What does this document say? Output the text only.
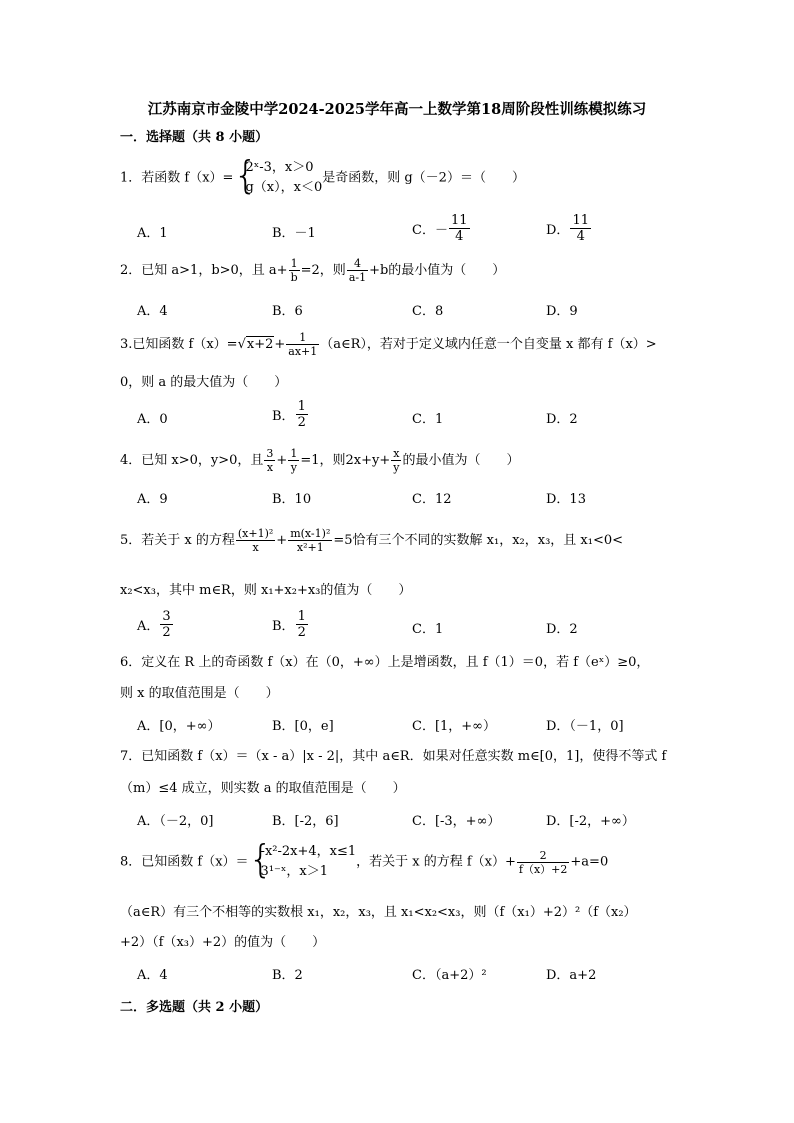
江苏南京市金陵中学2024-2025学年高一上数学第18周阶段性训练模拟练习
一．选择题（共 8 小题）
1．若函数 f（x）= {
2ˣ-3，x＞0
g（x），x＜0
是奇函数，则 g（－2）＝（　　）
A．1	B．－1	C．－ $\frac{11}{4}$	D． $\frac{11}{4}$
2．已知 a>1，b>0，且 $a+ \frac{1}{b} =2$，则 $\frac{4}{a-1} +b$的最小值为（　　）
A．4	B．6	C．8	D．9
3.已知函数 $f(x)=√x+2+ \frac{1}{ax+1}$ （a∈R），若对于定义域内任意一个自变量 x 都有 f（x）>
0，则 a 的最大值为（　　）
A．0	B． $\frac{1}{2}$	C．1	D．2
4．已知 x>0，y>0，且 $\frac{3}{x} + \frac{1}{y} =1$，则$2x+y+ \frac{x}{y}$ 的最小值为（　　）
A．9	B．10	C．12	D．13
5．若关于 x 的方程 $\frac{\text{(x+1)²}}{x} + \frac{\text{m(x-1)²}}{\text{x²+1}} =5$恰有三个不同的实数解 x₁，x₂，x₃，且 x₁<0<
x₂<x₃，其中 m∈R，则 x₁+x₂+x₃的值为（　　）
A． $\frac{3}{2}$	B． $\frac{1}{2}$	C．1	D．2
6．定义在 R 上的奇函数 f（x）在（0，+∞）上是增函数，且 f（1）＝0，若 f（eˣ）≥0，
则 x 的取值范围是（　　）
A．[0，+∞）	B．[0，e]	C．[1，+∞）	D．（－1，0]
7．已知函数 f（x）＝（x - a）|x - 2|，其中 a∈R．如果对任意实数 m∈[0，1]，使得不等式 f
（m）≤4 成立，则实数 a 的取值范围是（　　）
A．（－2，0]	B．[-2，6]	C．[-3，+∞）	D．[-2，+∞）
8．已知函数 f（x）＝ {
-x²-2x+4，x≤1
3¹⁻ˣ，x＞1
，若关于 x 的方程 $f(x)+ \frac{2}{f(x)+2} +a=0$
（a∈R）有三个不相等的实数根 x₁，x₂，x₃，且 x₁<x₂<x₃，则（f（x₁）+2）²（f（x₂）
+2）（f（x₃）+2）的值为（　　）
A．4	B．2	C．（a+2）²	D．a+2
二．多选题（共 2 小题）
